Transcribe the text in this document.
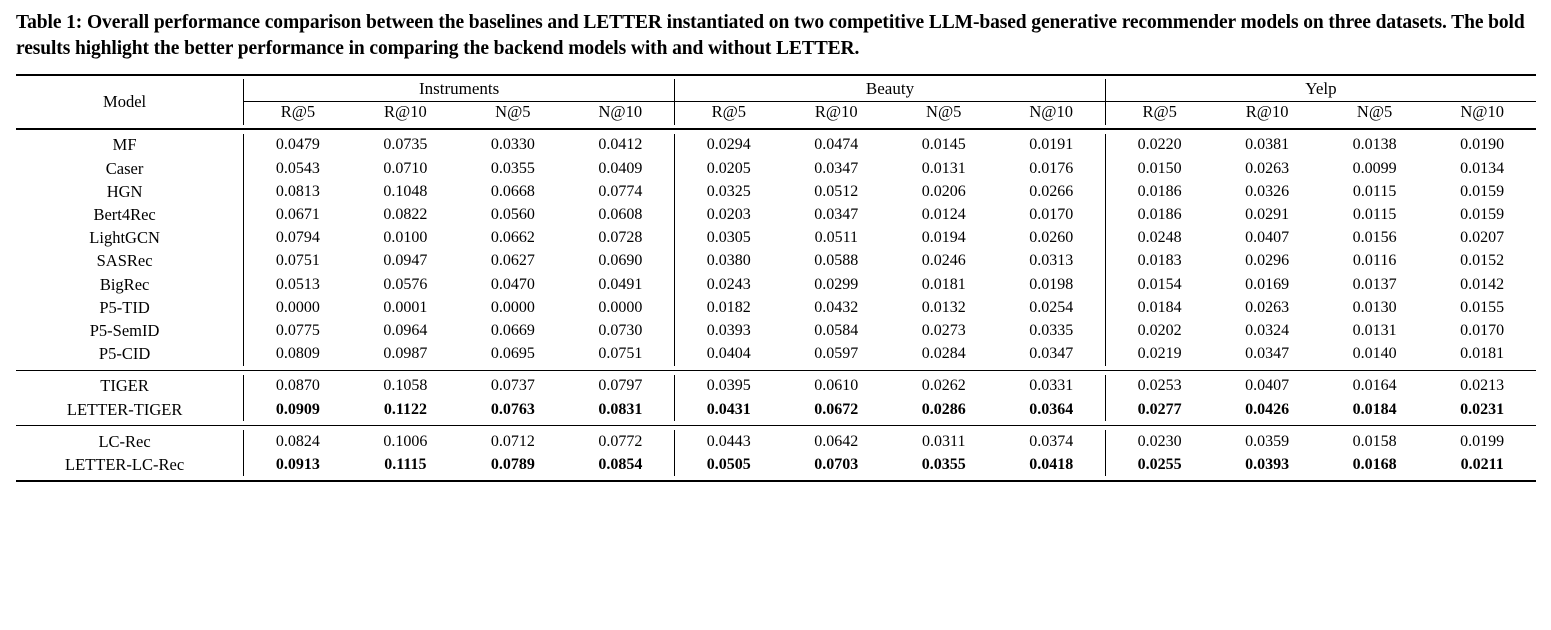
Table 1: Overall performance comparison between the baselines and LETTER instantiated on two competitive LLM-based generative recommender models on three datasets. The bold results highlight the better performance in comparing the backend models with and without LETTER.

Model	Instruments				Beauty				Yelp			
	R@5	R@10	N@5	N@10	R@5	R@10	N@5	N@10	R@5	R@10	N@5	N@10

MF	0.0479	0.0735	0.0330	0.0412	0.0294	0.0474	0.0145	0.0191	0.0220	0.0381	0.0138	0.0190
Caser	0.0543	0.0710	0.0355	0.0409	0.0205	0.0347	0.0131	0.0176	0.0150	0.0263	0.0099	0.0134
HGN	0.0813	0.1048	0.0668	0.0774	0.0325	0.0512	0.0206	0.0266	0.0186	0.0326	0.0115	0.0159
Bert4Rec	0.0671	0.0822	0.0560	0.0608	0.0203	0.0347	0.0124	0.0170	0.0186	0.0291	0.0115	0.0159
LightGCN	0.0794	0.0100	0.0662	0.0728	0.0305	0.0511	0.0194	0.0260	0.0248	0.0407	0.0156	0.0207
SASRec	0.0751	0.0947	0.0627	0.0690	0.0380	0.0588	0.0246	0.0313	0.0183	0.0296	0.0116	0.0152
BigRec	0.0513	0.0576	0.0470	0.0491	0.0243	0.0299	0.0181	0.0198	0.0154	0.0169	0.0137	0.0142
P5-TID	0.0000	0.0001	0.0000	0.0000	0.0182	0.0432	0.0132	0.0254	0.0184	0.0263	0.0130	0.0155
P5-SemID	0.0775	0.0964	0.0669	0.0730	0.0393	0.0584	0.0273	0.0335	0.0202	0.0324	0.0131	0.0170
P5-CID	0.0809	0.0987	0.0695	0.0751	0.0404	0.0597	0.0284	0.0347	0.0219	0.0347	0.0140	0.0181

TIGER	0.0870	0.1058	0.0737	0.0797	0.0395	0.0610	0.0262	0.0331	0.0253	0.0407	0.0164	0.0213
LETTER-TIGER	0.0909	0.1122	0.0763	0.0831	0.0431	0.0672	0.0286	0.0364	0.0277	0.0426	0.0184	0.0231

LC-Rec	0.0824	0.1006	0.0712	0.0772	0.0443	0.0642	0.0311	0.0374	0.0230	0.0359	0.0158	0.0199
LETTER-LC-Rec	0.0913	0.1115	0.0789	0.0854	0.0505	0.0703	0.0355	0.0418	0.0255	0.0393	0.0168	0.0211
